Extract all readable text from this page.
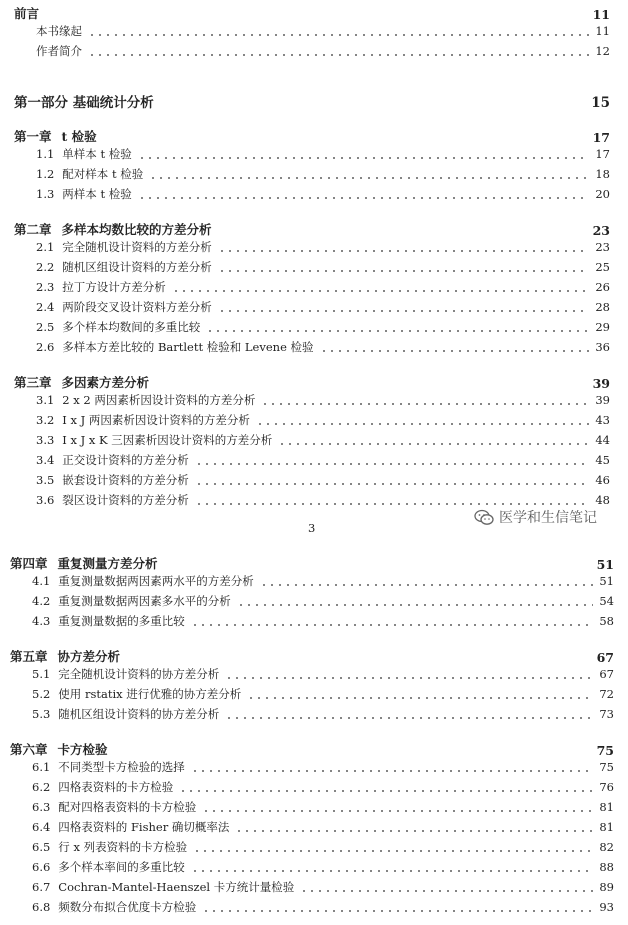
前言	11
本书缘起	11
作者简介	12
第一部分 基础统计分析	15
第一章 t 检验	17
1.1 单样本 t 检验	17
1.2 配对样本 t 检验	18
1.3 两样本 t 检验	20
第二章 多样本均数比较的方差分析	23
2.1 完全随机设计资料的方差分析	23
2.2 随机区组设计资料的方差分析	25
2.3 拉丁方设计方差分析	26
2.4 两阶段交叉设计资料方差分析	28
2.5 多个样本均数间的多重比较	29
2.6 多样本方差比较的 Bartlett 检验和 Levene 检验	36
第三章 多因素方差分析	39
3.1 2 x 2 两因素析因设计资料的方差分析	39
3.2 I x J 两因素析因设计资料的方差分析	43
3.3 I x J x K 三因素析因设计资料的方差分析	44
3.4 正交设计资料的方差分析	45
3.5 嵌套设计资料的方差分析	46
3.6 裂区设计资料的方差分析	48
医学和生信笔记
3
第四章 重复测量方差分析	51
4.1 重复测量数据两因素两水平的方差分析	51
4.2 重复测量数据两因素多水平的分析	54
4.3 重复测量数据的多重比较	58
第五章 协方差分析	67
5.1 完全随机设计资料的协方差分析	67
5.2 使用 rstatix 进行优雅的协方差分析	72
5.3 随机区组设计资料的协方差分析	73
第六章 卡方检验	75
6.1 不同类型卡方检验的选择	75
6.2 四格表资料的卡方检验	76
6.3 配对四格表资料的卡方检验	81
6.4 四格表资料的 Fisher 确切概率法	81
6.5 行 x 列表资料的卡方检验	82
6.6 多个样本率间的多重比较	88
6.7 Cochran-Mantel-Haenszel 卡方统计量检验	89
6.8 频数分布拟合优度卡方检验	93
